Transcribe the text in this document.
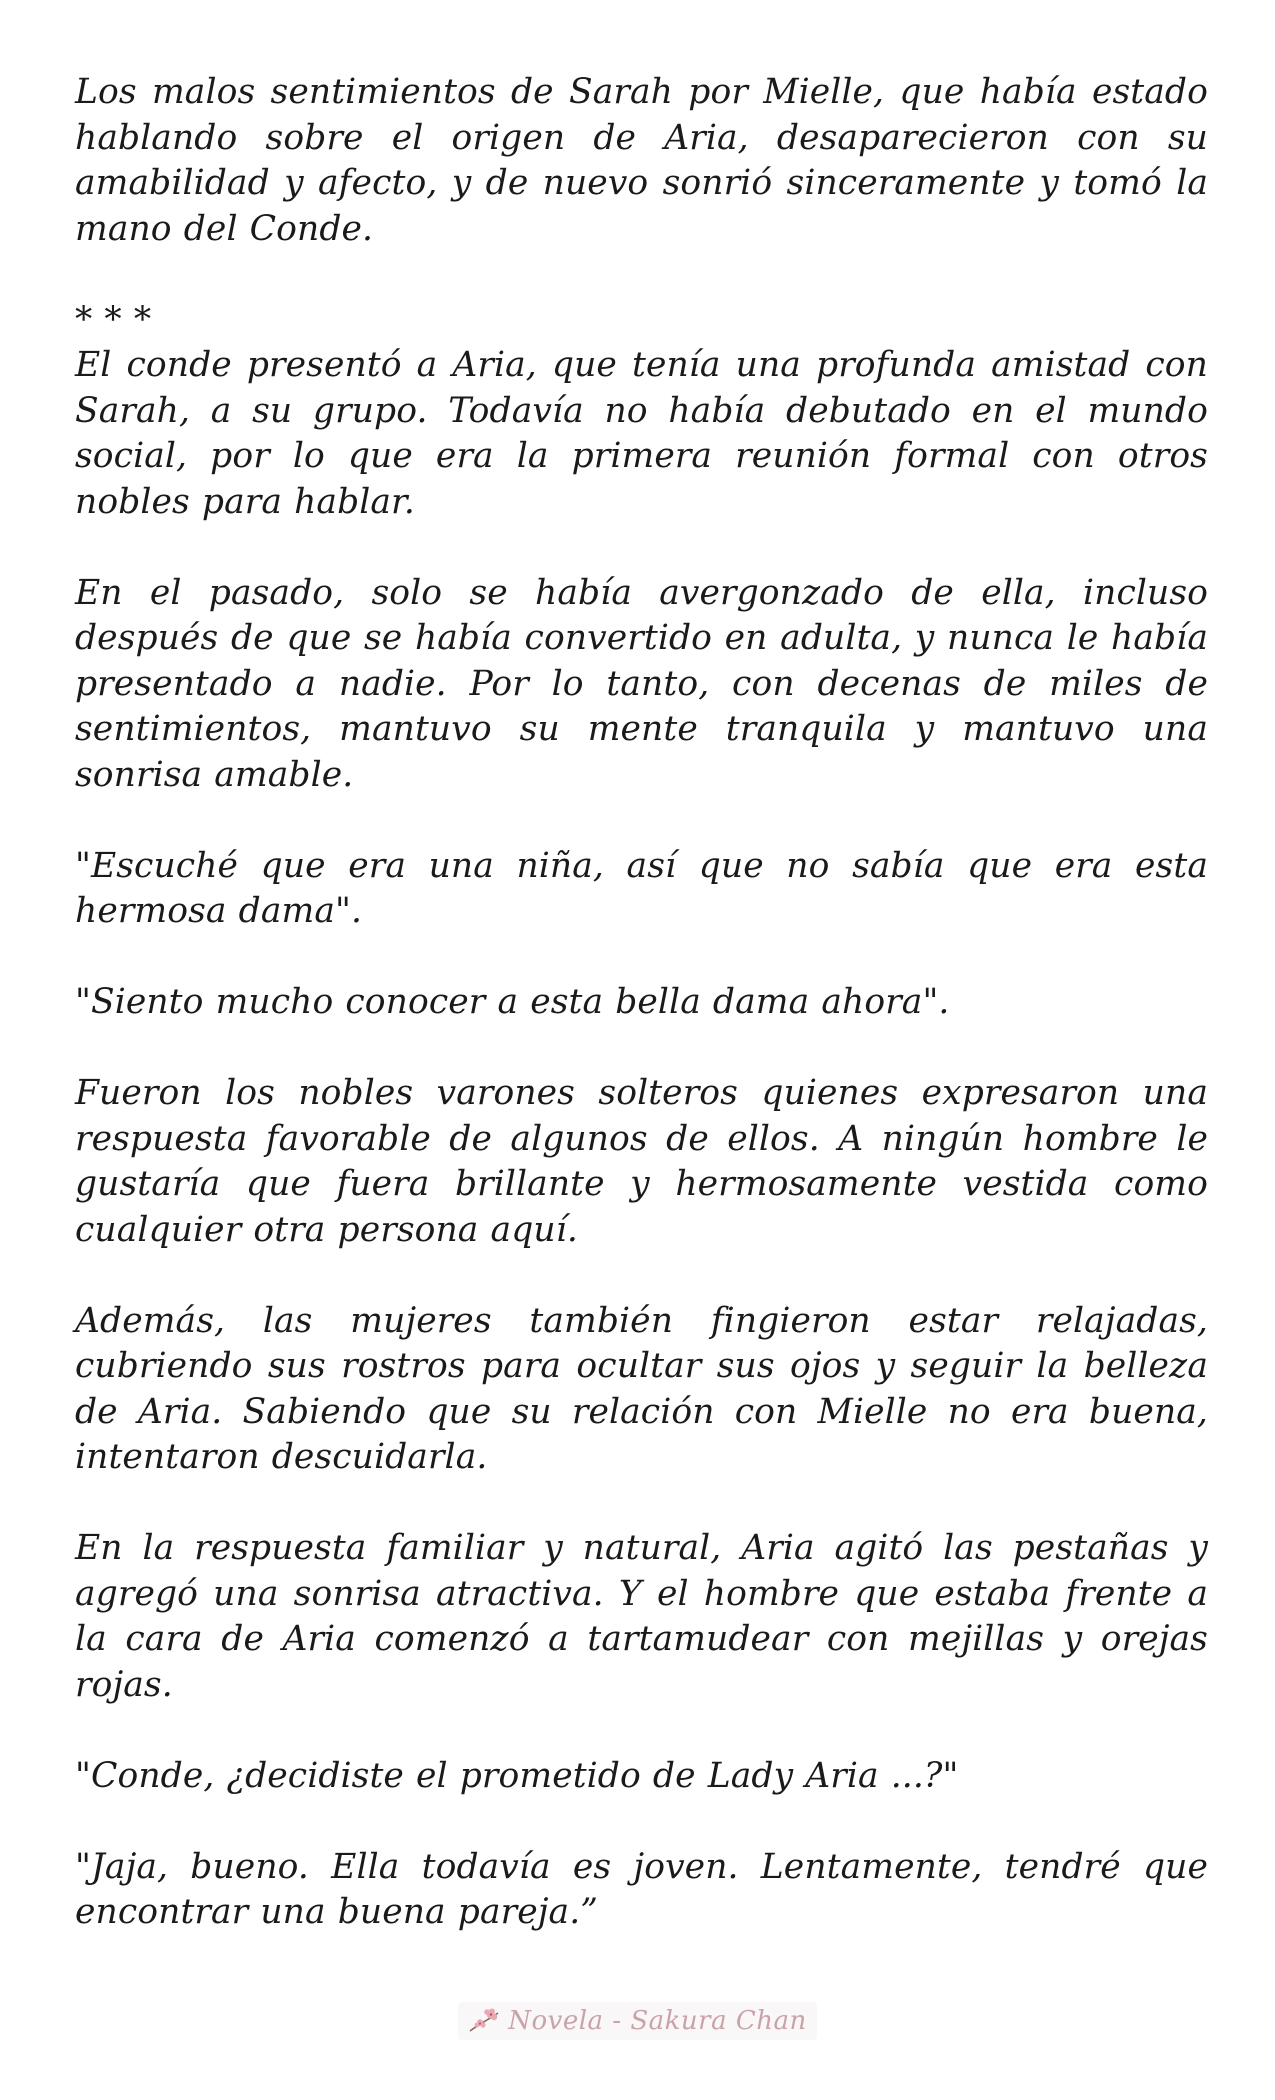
Los malos sentimientos de Sarah por Mielle, que había estado hablando sobre el origen de Aria, desaparecieron con su amabilidad y afecto, y de nuevo sonrió sinceramente y tomó la mano del Conde.

* * *

El conde presentó a Aria, que tenía una profunda amistad con Sarah, a su grupo. Todavía no había debutado en el mundo social, por lo que era la primera reunión formal con otros nobles para hablar.

En el pasado, solo se había avergonzado de ella, incluso después de que se había convertido en adulta, y nunca le había presentado a nadie. Por lo tanto, con decenas de miles de sentimientos, mantuvo su mente tranquila y mantuvo una sonrisa amable.

"Escuché que era una niña, así que no sabía que era esta hermosa dama".

"Siento mucho conocer a esta bella dama ahora".

Fueron los nobles varones solteros quienes expresaron una respuesta favorable de algunos de ellos. A ningún hombre le gustaría que fuera brillante y hermosamente vestida como cualquier otra persona aquí.

Además, las mujeres también fingieron estar relajadas, cubriendo sus rostros para ocultar sus ojos y seguir la belleza de Aria. Sabiendo que su relación con Mielle no era buena, intentaron descuidarla.

En la respuesta familiar y natural, Aria agitó las pestañas y agregó una sonrisa atractiva. Y el hombre que estaba frente a la cara de Aria comenzó a tartamudear con mejillas y orejas rojas.

"Conde, ¿decidiste el prometido de Lady Aria ...?"

"Jaja, bueno. Ella todavía es joven. Lentamente, tendré que encontrar una buena pareja.”

Novela - Sakura Chan
